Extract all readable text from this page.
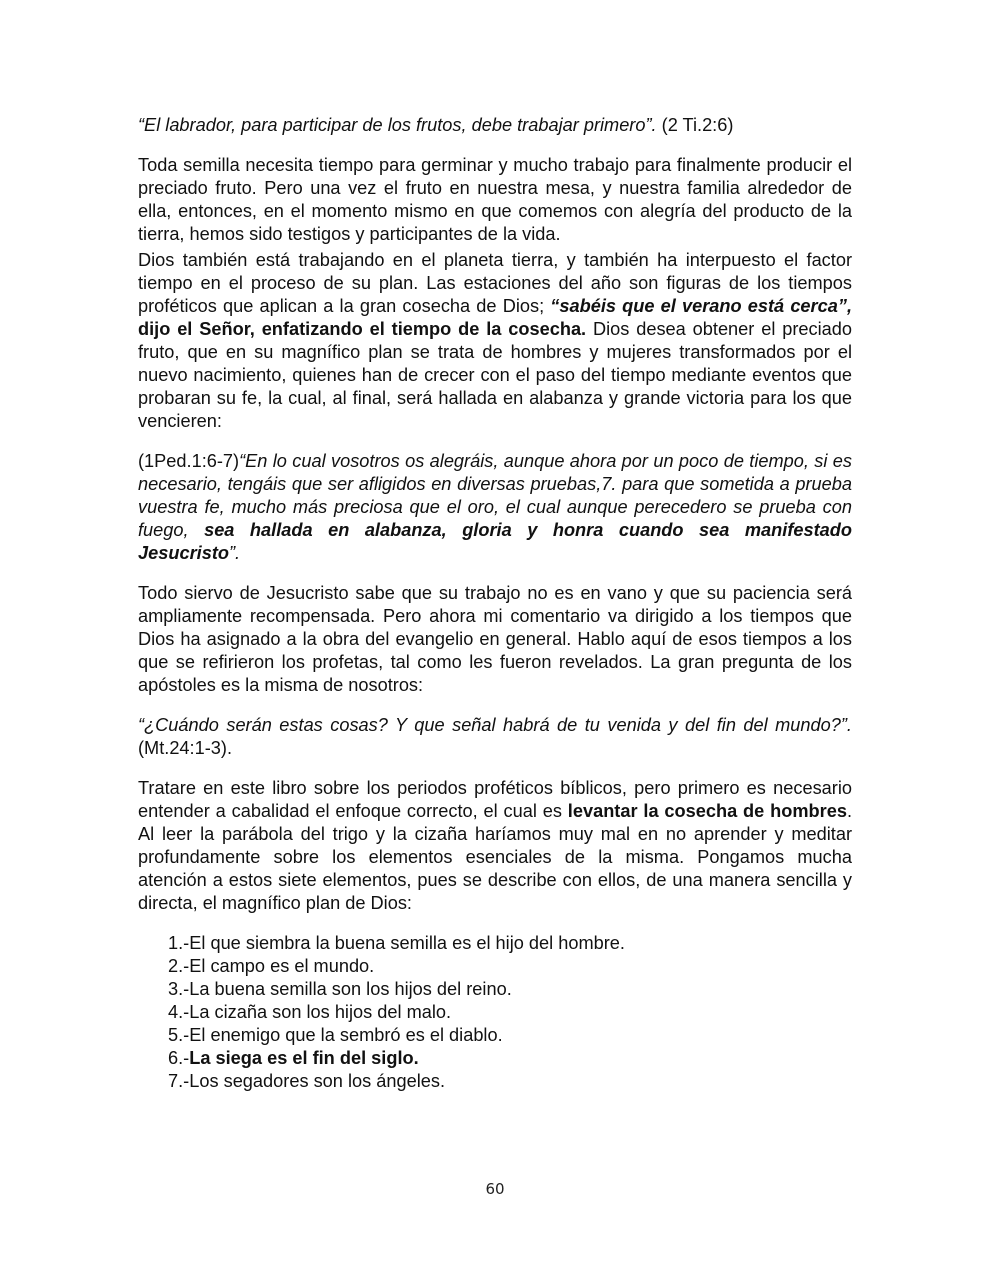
“El labrador, para participar de los frutos, debe trabajar primero”. (2 Ti.2:6)

Toda semilla necesita tiempo para germinar y mucho trabajo para finalmente producir el preciado fruto. Pero una vez el fruto en nuestra mesa, y nuestra familia alrededor de ella, entonces, en el momento mismo en que comemos con alegría del producto de la tierra, hemos sido testigos y participantes de la vida.

Dios también está trabajando en el planeta tierra, y también ha interpuesto el factor tiempo en el proceso de su plan. Las estaciones del año son figuras de los tiempos proféticos que aplican a la gran cosecha de Dios; “sabéis que el verano está cerca”, dijo el Señor, enfatizando el tiempo de la cosecha. Dios desea obtener el preciado fruto, que en su magnífico plan se trata de hombres y mujeres transformados por el nuevo nacimiento, quienes han de crecer con el paso del tiempo mediante eventos que probaran su fe, la cual, al final, será hallada en alabanza y grande victoria para los que vencieren:

(1Ped.1:6-7)“En lo cual vosotros os alegráis, aunque ahora por un poco de tiempo, si es necesario, tengáis que ser afligidos en diversas pruebas,7. para que sometida a prueba vuestra fe, mucho más preciosa que el oro, el cual aunque perecedero se prueba con fuego, sea hallada en alabanza, gloria y honra cuando sea manifestado Jesucristo”.

Todo siervo de Jesucristo sabe que su trabajo no es en vano y que su paciencia será ampliamente recompensada. Pero ahora mi comentario va dirigido a los tiempos que Dios ha asignado a la obra del evangelio en general. Hablo aquí de esos tiempos a los que se refirieron los profetas, tal como les fueron revelados. La gran pregunta de los apóstoles es la misma de nosotros:

“¿Cuándo serán estas cosas? Y que señal habrá de tu venida y del fin del mundo?”. (Mt.24:1-3).

Tratare en este libro sobre los periodos proféticos bíblicos, pero primero es necesario entender a cabalidad el enfoque correcto, el cual es levantar la cosecha de hombres. Al leer la parábola del trigo y la cizaña haríamos muy mal en no aprender y meditar profundamente sobre los elementos esenciales de la misma. Pongamos mucha atención a estos siete elementos, pues se describe con ellos, de una manera sencilla y directa, el magnífico plan de Dios:

1.-El que siembra la buena semilla es el hijo del hombre.
2.-El campo es el mundo.
3.-La buena semilla son los hijos del reino.
4.-La cizaña son los hijos del malo.
5.-El enemigo que la sembró es el diablo.
6.-La siega es el fin del siglo.
7.-Los segadores son los ángeles.
60
